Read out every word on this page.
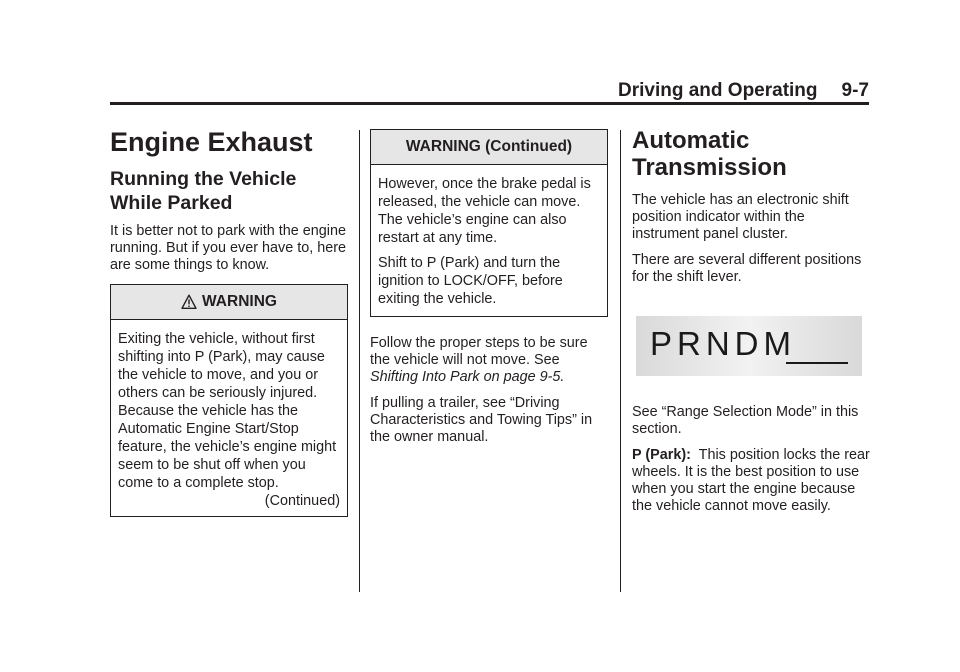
Driving and Operating 9-7
Engine Exhaust
Running the Vehicle While Parked

It is better not to park with the engine running. But if you ever have to, here are some things to know.

WARNING

Exiting the vehicle, without first shifting into P (Park), may cause the vehicle to move, and you or others can be seriously injured. Because the vehicle has the Automatic Engine Start/Stop feature, the vehicle’s engine might seem to be shut off when you come to a complete stop.

(Continued)
WARNING (Continued)

However, once the brake pedal is released, the vehicle can move. The vehicle’s engine can also restart at any time.

Shift to P (Park) and turn the ignition to LOCK/OFF, before exiting the vehicle.

Follow the proper steps to be sure the vehicle will not move. See
Shifting Into Park on page 9-5.

If pulling a trailer, see “Driving Characteristics and Towing Tips” in the owner manual.

Automatic Transmission

The vehicle has an electronic shift position indicator within the instrument panel cluster.

There are several different positions for the shift lever.

PRNDM

See “Range Selection Mode” in this section.

P (Park): This position locks the rear wheels. It is the best position to use when you start the engine because the vehicle cannot move easily.
